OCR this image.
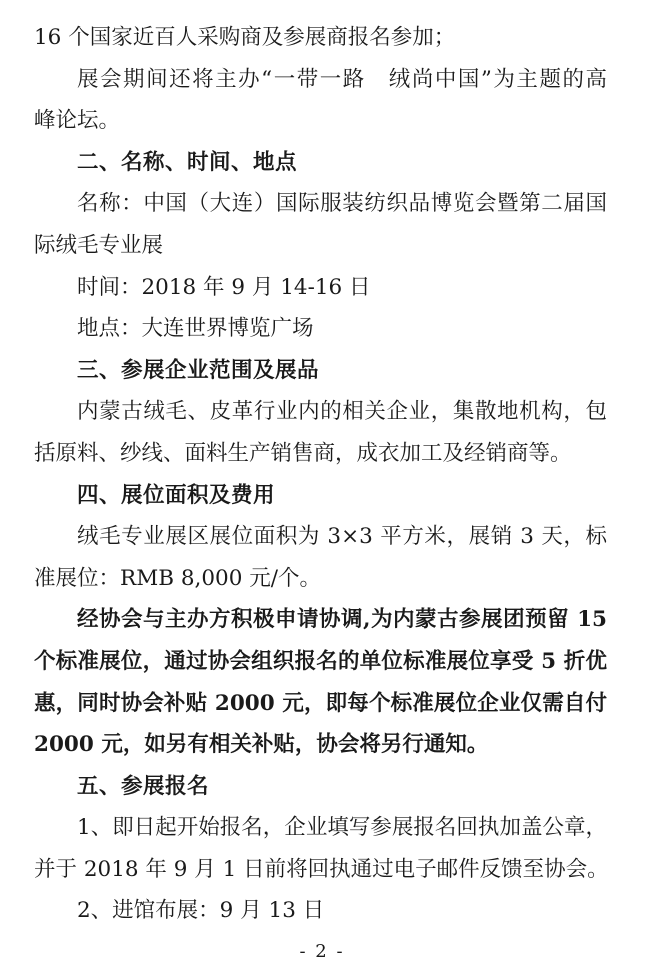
16 个国家近百人采购商及参展商报名参加；
展会期间还将主办“一带一路　绒尚中国”为主题的高
峰论坛。
二、名称、时间、地点
名称：中国（大连）国际服装纺织品博览会暨第二届国
际绒毛专业展
时间：2018 年 9 月 14-16 日
地点：大连世界博览广场
三、参展企业范围及展品
内蒙古绒毛、皮革行业内的相关企业，集散地机构，包
括原料、纱线、面料生产销售商，成衣加工及经销商等。
四、展位面积及费用
绒毛专业展区展位面积为 3×3 平方米，展销 3 天，标
准展位：RMB 8,000 元/个。
经协会与主办方积极申请协调,为内蒙古参展团预留 15
个标准展位，通过协会组织报名的单位标准展位享受 5 折优
惠，同时协会补贴 2000 元，即每个标准展位企业仅需自付
2000 元，如另有相关补贴，协会将另行通知。
五、参展报名
1、即日起开始报名，企业填写参展报名回执加盖公章，
并于 2018 年 9 月 1 日前将回执通过电子邮件反馈至协会。
2、进馆布展：9 月 13 日
- 2 -
